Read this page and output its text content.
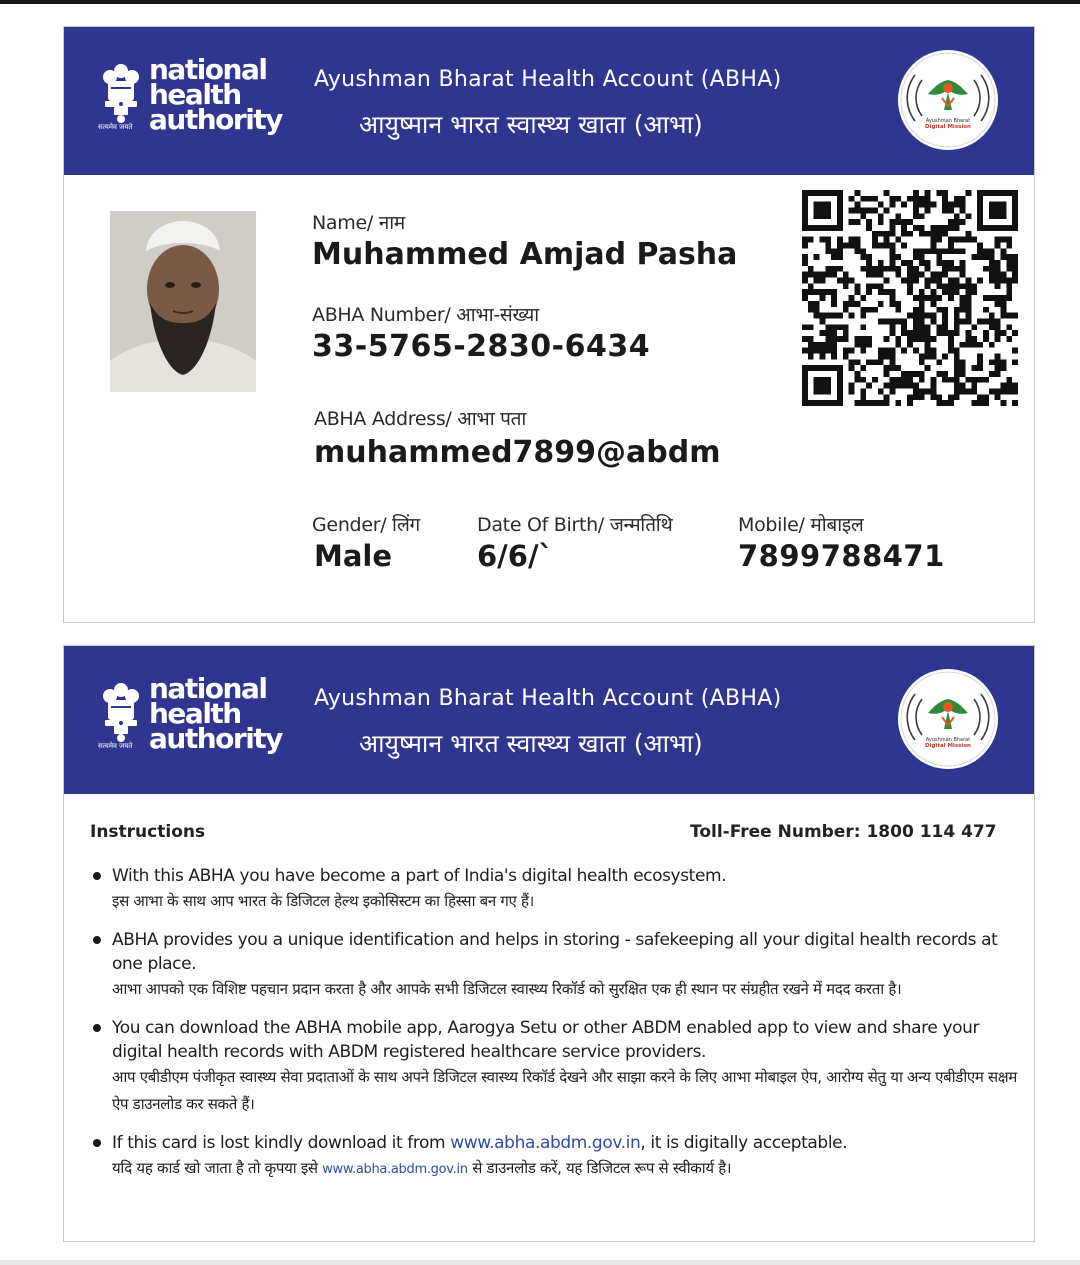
सत्यमेव जयते
national
health
authority
Ayushman Bharat Health Account (ABHA)
आयुष्मान भारत स्वास्थ्य खाता (आभा)	Ayushman Bharat
Digital Mission
Name/ नाम
Muhammed Amjad Pasha
ABHA Number/ आभा-संख्या
33-5765-2830-6434
ABHA Address/ आभा पता
muhammed7899@abdm
Gender/ लिंग
Male
Date Of Birth/ जन्मतिथि
6/6/`
Mobile/ मोबाइल
7899788471
सत्यमेव जयते
national
health
authority
Ayushman Bharat Health Account (ABHA)
आयुष्मान भारत स्वास्थ्य खाता (आभा)	Ayushman Bharat
Digital Mission
Instructions	Toll-Free Number: 1800 114 477
With this ABHA you have become a part of India's digital health ecosystem.
इस आभा के साथ आप भारत के डिजिटल हेल्थ इकोसिस्टम का हिस्सा बन गए हैं।
ABHA provides you a unique identification and helps in storing - safekeeping all your digital health records at one place.
आभा आपको एक विशिष्ट पहचान प्रदान करता है और आपके सभी डिजिटल स्वास्थ्य रिकॉर्ड को सुरक्षित एक ही स्थान पर संग्रहीत रखने में मदद करता है।
You can download the ABHA mobile app, Aarogya Setu or other ABDM enabled app to view and share your digital health records with ABDM registered healthcare service providers.
आप एबीडीएम पंजीकृत स्वास्थ्य सेवा प्रदाताओं के साथ अपने डिजिटल स्वास्थ्य रिकॉर्ड देखने और साझा करने के लिए आभा मोबाइल ऐप, आरोग्य सेतु या अन्य एबीडीएम सक्षम ऐप डाउनलोड कर सकते हैं।
If this card is lost kindly download it from www.abha.abdm.gov.in, it is digitally acceptable.
यदि यह कार्ड खो जाता है तो कृपया इसे www.abha.abdm.gov.in से डाउनलोड करें, यह डिजिटल रूप से स्वीकार्य है।
